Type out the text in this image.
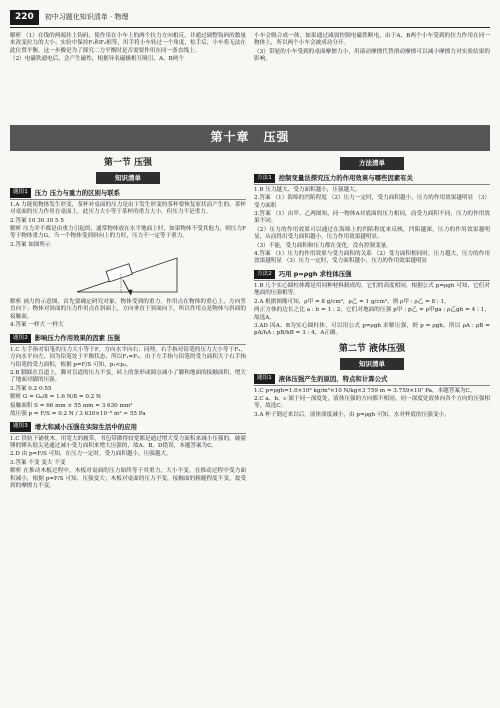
220	初中习题化知识清单 · 物理

解析 （1）在线的两端挂上钩码，使作用在小车上的两个拉力方向相反，并通过调整钩码的数量来改变拉力的大小；实验中保持F₁和F₂相等，用手将小车转过一个角度，松手后，小车将无法在此位置平衡，这一步骤是为了探究二力平衡时是否需要作用在同一条直线上。

（2）电磁铁通电后，会产生磁性，根据异名磁极相互吸引，A、B两个

小车会吸合成一体，如果通过减弱控制电磁铁断电，由于A、B两个小车受到的拉力作用在同一物体上，所以两个小车会被成功分开。

（3）带轮的小车受到的桌面摩擦力小，用滚动摩擦代替滑动摩擦可以减小摩擦力对实验结果的影响。

第十章 压强
第一节 压强
知识清单
题组1	压力 压力与重力的区别与联系

1.A 力能使物体发生形变，茶杯对桌面的压力是由于发生形变的茶杯要恢复原状而产生的，茶杯对桌面的压力作用在桌面上。此压力大小等于茶杯的重力大小，但压力不是重力。

2.答案 10 30 30 5 5

解析 压力并不都是由重力引起的，通常物体放在水平地面上时，如果物体不受其他力，则压力F等于物体重力G。当一个物体受到斜向上的力时，压力不一定等于重力。

3.答案 如图所示

解析 画力的示意图，首先要确定研究对象，物体受到的重力，作用点在物体的重心上，方向竖直向下；物体对斜面的压力作用点在斜面上，方向垂直于斜面向下，所以作用点是物体与斜面的接触面。

4.答案 一样大 一样大

题组2	影响压力作用效果的因素 压强

1.C 左手指对铅笔的压力大小等于F，方向水平向右；同理，右手指对铅笔的压力大小等于F₂，方向水平向左，因为铅笔处于平衡状态，所以F₁=F₂。由于左手指与铅笔的受力面积大于右手指与铅笔的受力面积，根据 p=F/S 可知，p₁<p₂。

2.B 脚踩在盲道上，脚对盲道的压力不变，砖上的条形或圆点减小了脚和地面的接触面积，增大了地面对脚的压强。

3.答案 0.2 0.55

解析 G = G₀/8 = 1.6 N/8 = 0.2 N

接触面积 S = 66 mm × 55 mm = 3 630 mm²

故压强 p = F/S = 0.2 N / 3 630×10⁻⁶ m² ≈ 55 Pa

题组3	增大和减小压强在实际生活中的应用

1.C 铁轨下铺枕木，用宽大的履带，书包带做得较宽都是通过增大受力面积来减小压强的，破窗锤的锤头很尖是通过减小受力面积来增大压强的，故A、B、D错误，本题答案为C。

2.D 由 p=F/S 可知，在压力一定时，受力面积越小，压强越大。

3.答案 不变 变大 不变

解析 在推动木板过程中，木板对桌面的压力始终等于其重力，大小不变，在推动过程中受力面积减小，根据 p=F/S 可知，压强变大；木板对桌面的压力不变，接触面的粗糙程度不变，故受到的摩擦力不变。

方法清单
方法1	控制变量法探究压力的作用效果与哪些因素有关

1.B 压力越大、受力面积越小，压强越大。

2.答案 （1）海绵的凹陷程度 （2）压力一定时，受力面积越小，压力的作用效果越明显 （3）受力面积

3.答案 （1）由甲、乙两图知，同一物体A对底面的压力相同，而受力面积不同，压力的作用效果不同。

（2）压力的作用效果可以通过在海绵上的凹陷程度来反映，凹陷越深，压力的作用效果越明显，从而得出受力面积越小，压力作用效果越明显。

（3）不能，受力面积和压力都在变化，没有控制变量。

4.答案 （1）压力的作用效果与受力面积的关系 （2）受力面积相同时，压力越大，压力的作用效果越明显 （3）压力一定时，受力面积越小，压力的作用效果越明显

方法2	巧用 p=ρgh 求柱体压强

1.B 几个实心圆柱体都是用同种材料制成的，它们的高度相同，根据公式 p=ρgh 可知，它们对地面的压强相等。

2.A 根据图像可知，ρ甲 = 8 g/cm³，ρ乙 = 1 g/cm³，则 ρ甲 : ρ乙 = 8 : 1。

两正方体的边长之比 a : b = 1 : 2，它们对地面的压强 p甲 : p乙 = ρ甲ga : ρ乙gb = 4 : 1，故选A。

3.AD 因A、B为实心圆柱体，可以用公式 p=ρgh 求解压强，则 p = ρgh，所以 ρA : ρB = pA/hA : pB/hB = 3 : 4，A正确。

第二节 液体压强
知识清单
题组1	液体压强产生的原因、特点和计算公式

1.C p=ρgh=1.0×10³ kg/m³×10 N/kg×3 759 m = 3.759×10⁷ Pa，本题答案为C。

2.C a、b、c 属于同一深度处，液体压强的方向都不相同，同一深度处液体向各个方向的压强相等，故选C。

3.A 杯子倒过来以后，液体深度减小，由 p=ρgh 可知，水对杯底的压强变小。
